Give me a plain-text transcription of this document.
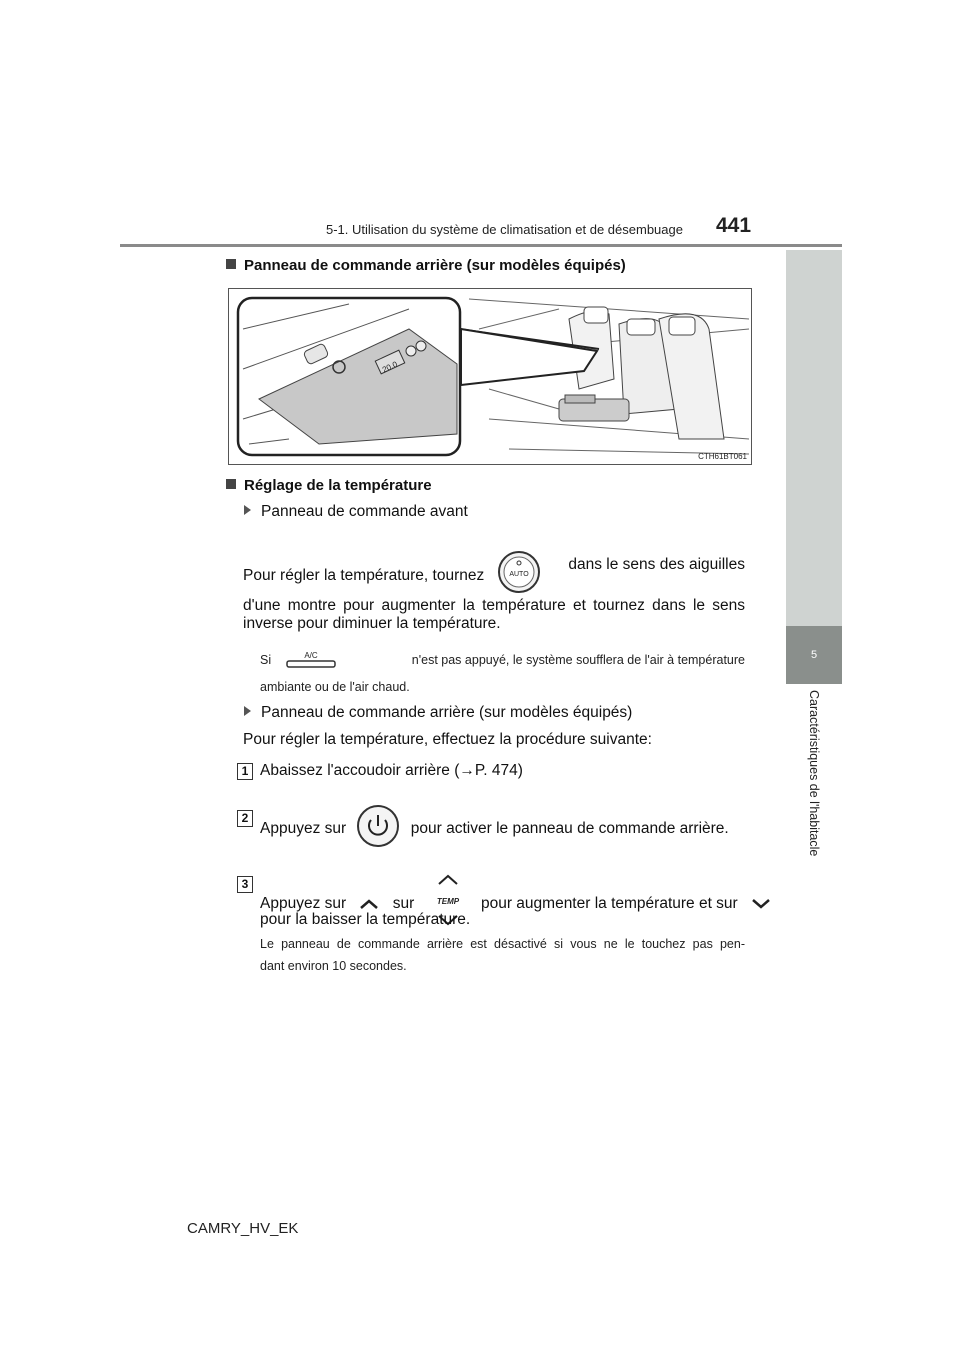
5-1. Utilisation du système de climatisation et de désembuage 441
5
Caractéristiques de l'habitacle
Panneau de commande arrière (sur modèles équipés)
20.0
CTH61BT061
Réglage de la température
Panneau de commande avant
Pour régler la température, tournez	AUTO
dans le sens des aiguilles
d'une montre pour augmenter la température et tournez dans le sens
inverse pour diminuer la température.
Si	A/C	n'est pas appuyé, le système soufflera de l'air à température
ambiante ou de l'air chaud.
Panneau de commande arrière (sur modèles équipés)
Pour régler la température, effectuez la procédure suivante:
1 Abaissez l'accoudoir arrière (→P. 474)
2
Appuyez sur	pour activer le panneau de commande arrière.
3
Appuyez sur	sur	TEMP pour augmenter la température et sur
pour la baisser la température.
Le panneau de commande arrière est désactivé si vous ne le touchez pas pen-
dant environ 10 secondes.
CAMRY_HV_EK
